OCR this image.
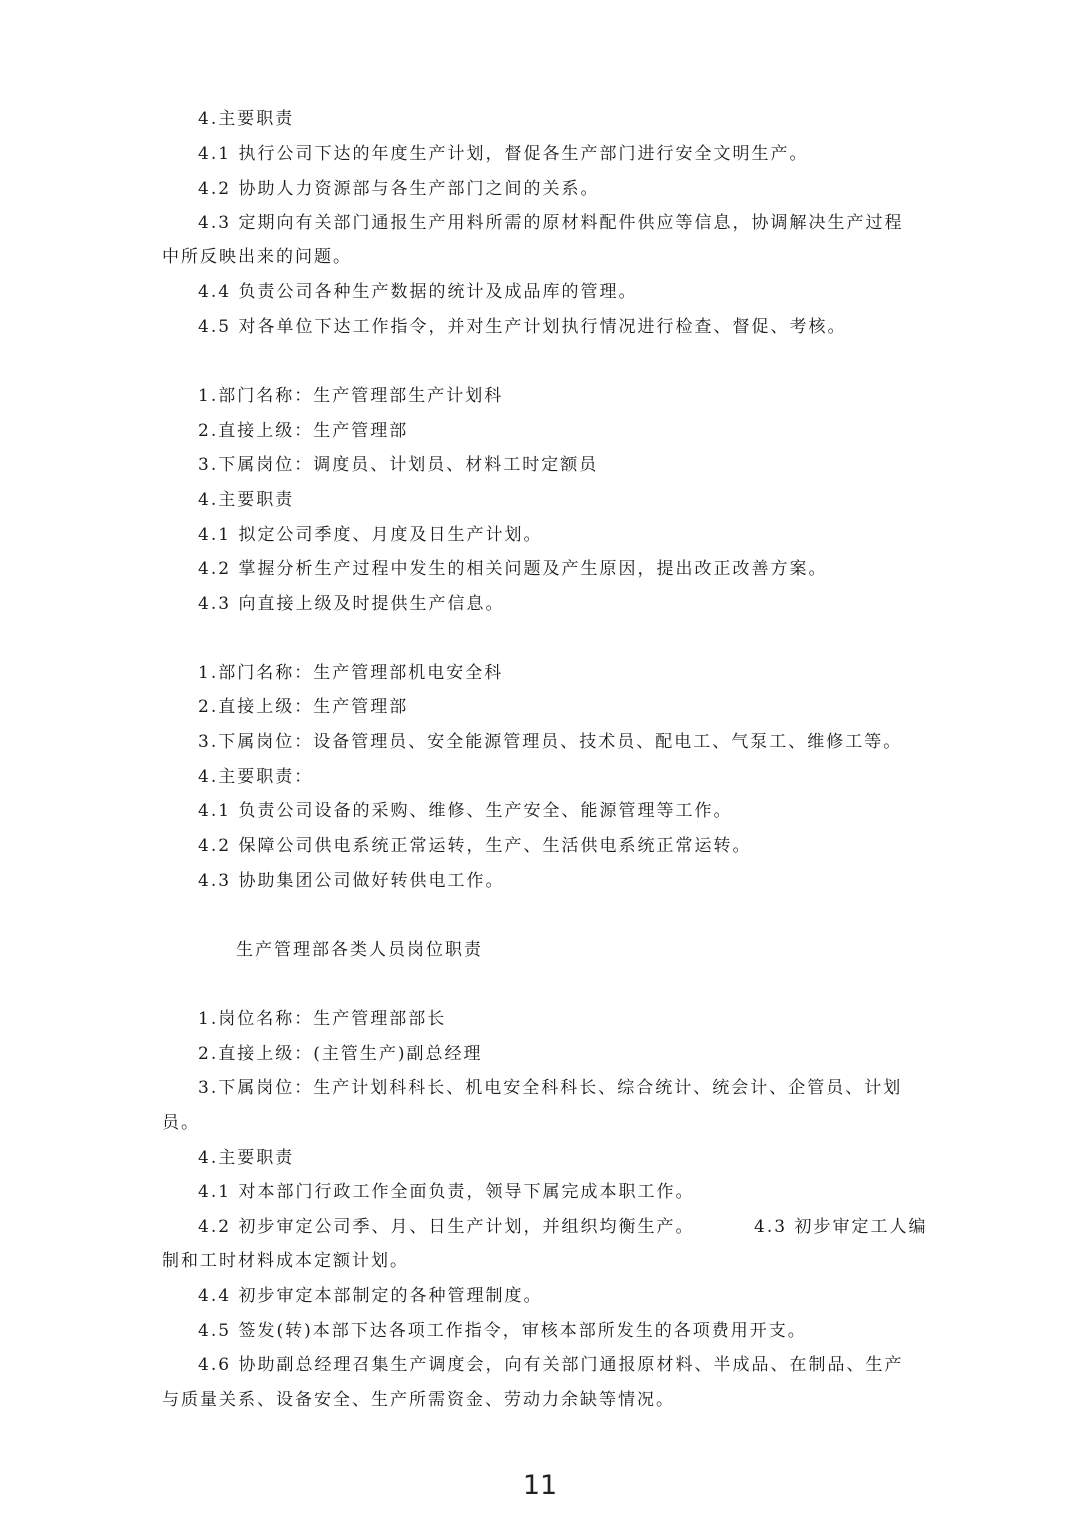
4.主要职责
4.1 执行公司下达的年度生产计划，督促各生产部门进行安全文明生产。
4.2 协助人力资源部与各生产部门之间的关系。
4.3 定期向有关部门通报生产用料所需的原材料配件供应等信息，协调解决生产过程
中所反映出来的问题。
4.4 负责公司各种生产数据的统计及成品库的管理。
4.5 对各单位下达工作指令，并对生产计划执行情况进行检查、督促、考核。
1.部门名称：生产管理部生产计划科
2.直接上级：生产管理部
3.下属岗位：调度员、计划员、材料工时定额员
4.主要职责
4.1 拟定公司季度、月度及日生产计划。
4.2 掌握分析生产过程中发生的相关问题及产生原因，提出改正改善方案。
4.3 向直接上级及时提供生产信息。
1.部门名称：生产管理部机电安全科
2.直接上级：生产管理部
3.下属岗位：设备管理员、安全能源管理员、技术员、配电工、气泵工、维修工等。
4.主要职责：
4.1 负责公司设备的采购、维修、生产安全、能源管理等工作。
4.2 保障公司供电系统正常运转，生产、生活供电系统正常运转。
4.3 协助集团公司做好转供电工作。
生产管理部各类人员岗位职责
1.岗位名称：生产管理部部长
2.直接上级：(主管生产)副总经理
3.下属岗位：生产计划科科长、机电安全科科长、综合统计、统会计、企管员、计划
员。
4.主要职责
4.1 对本部门行政工作全面负责，领导下属完成本职工作。
4.2 初步审定公司季、月、日生产计划，并组织均衡生产。	4.3 初步审定工人编
制和工时材料成本定额计划。
4.4 初步审定本部制定的各种管理制度。
4.5 签发(转)本部下达各项工作指令，审核本部所发生的各项费用开支。
4.6 协助副总经理召集生产调度会，向有关部门通报原材料、半成品、在制品、生产
与质量关系、设备安全、生产所需资金、劳动力余缺等情况。
11
